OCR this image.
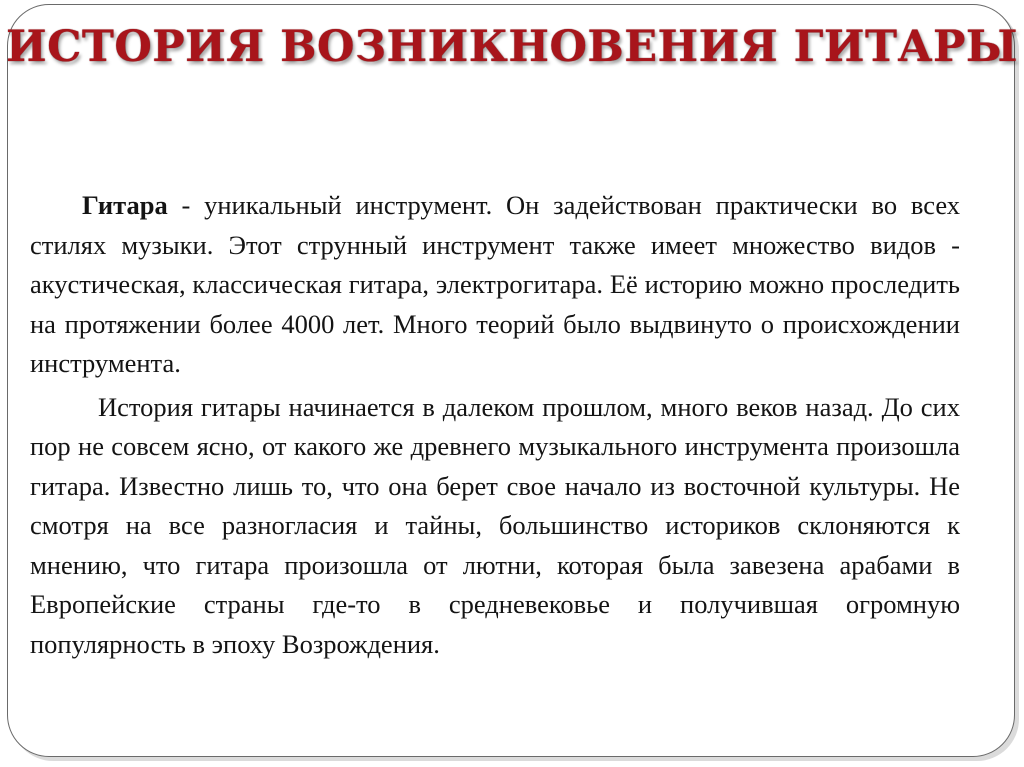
ИСТОРИЯ ВОЗНИКНОВЕНИЯ ГИТАРЫ

Гитара - уникальный инструмент. Он задействован практически во всех стилях музыки. Этот струнный инструмент также имеет множество видов - акустическая, классическая гитара, электрогитара. Её историю можно проследить на протяжении более 4000 лет. Много теорий было выдвинуто о происхождении инструмента.

История гитары начинается в далеком прошлом, много веков назад. До сих пор не совсем ясно, от какого же древнего музыкального инструмента произошла гитара. Известно лишь то, что она берет свое начало из восточной культуры. Не смотря на все разногласия и тайны, большинство историков склоняются к мнению, что гитара произошла от лютни, которая была завезена арабами в Европейские страны где-то в средневековье и получившая огромную популярность в эпоху Возрождения.
